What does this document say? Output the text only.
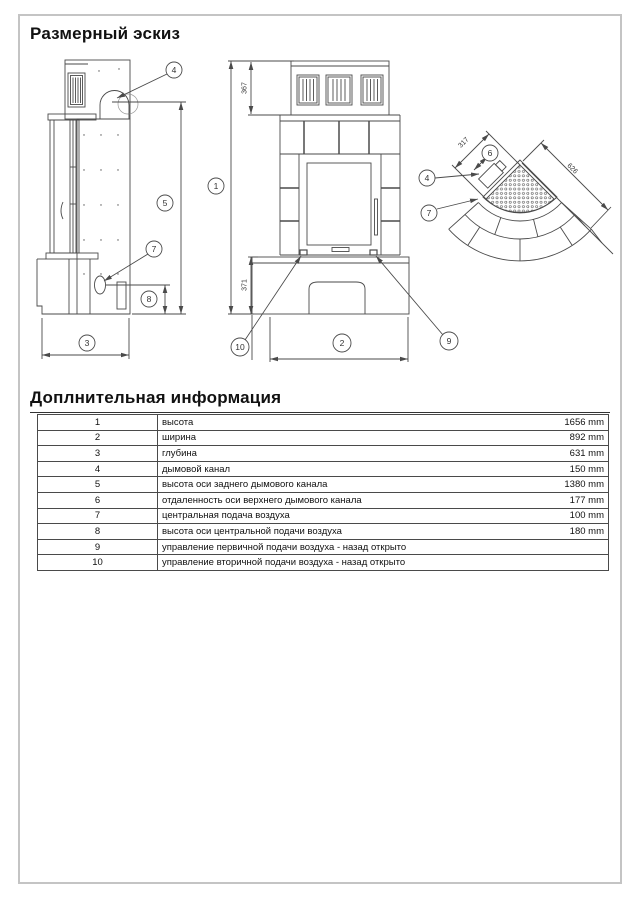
Размерный эскиз
367
371
317
626
4
1
5
7
8
3	10	2	9
4
7
6
Доплнительная информация
1	высота 1656 mm

2	ширина 892 mm

3	глубина 631 mm

4	дымовой канал 150 mm

5	высота оси заднего дымового канала 1380 mm

6	отдаленность оси верхнего дымового канала 177 mm

7	центральная подача воздуха 100 mm

8	высота оси центральной подачи воздуха 180 mm

9	управление первичной подачи воздуха - назад открыто

10	управление вторичной подачи воздуха - назад открыто
